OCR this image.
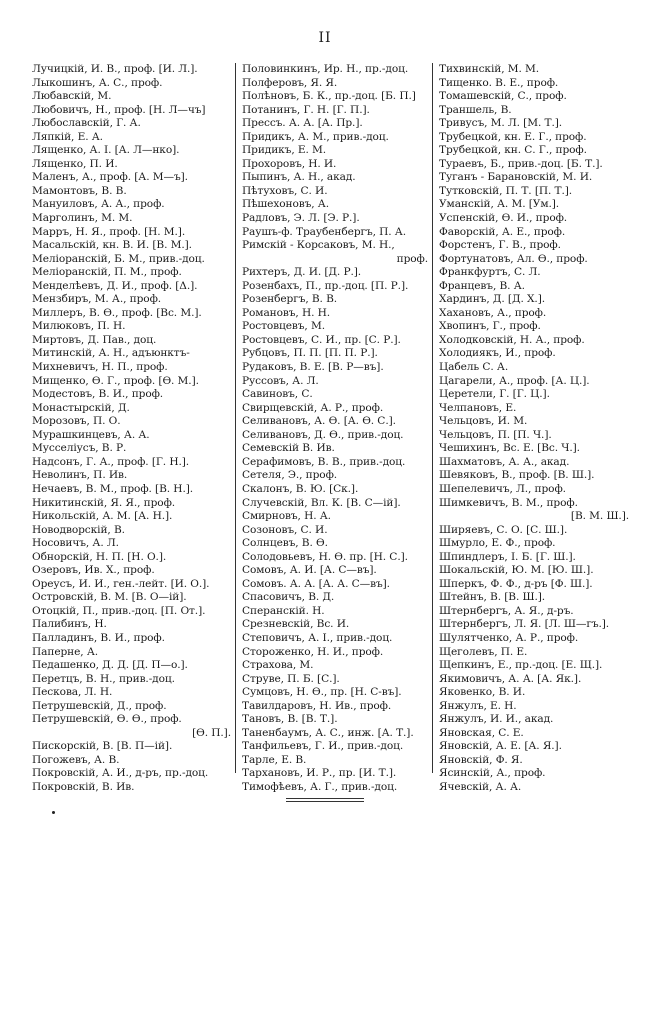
II
Лучицкій, И. В., проф. [И. Л.].
Лыкошинъ, А. С., проф.
Любавскій, М.
Любовичъ, Н., проф. [Н. Л—чъ]
Любославскій, Г. А.
Ляпкій, Е. А.
Лященко, А. І. [А. Л—нко].
Лященко, П. И.
Маленъ, А., проф. [А. М—ъ].
Мамонтовъ, В. В.
Мануиловъ, А. А., проф.
Марголинъ, М. М.
Марръ, Н. Я., проф. [Н. М.].
Масальскій, кн. В. И. [В. М.].
Меліоранскій, Б. М., прив.-доц.
Меліоранскій, П. М., проф.
Менделѣевъ, Д. И., проф. [Δ.].
Мензбиръ, М. А., проф.
Миллеръ, В. Ѳ., проф. [Вс. М.].
Милюковъ, П. Н.
Миртовъ, Д. Пав., доц.
Митинскій, А. Н., адъюнктъ-
Михневичъ, Н. П., проф.
Мищенко, Ѳ. Г., проф. [Ѳ. М.].
Модестовъ, В. И., проф.
Монастырскій, Д.
Морозовъ, П. О.
Мурашкинцевъ, А. А.
Мусселіусъ, В. Р.
Надсонъ, Г. А., проф. [Г. Н.].
Неволинъ, П. Ив.
Нечаевъ, В. М., проф. [В. Н.].
Никитинскій, Я. Я., проф.
Никольскій, А. М. [А. Н.].
Новодворскій, В.
Носовичъ, А. Л.
Обнорскій, Н. П. [Н. О.].
Озеровъ, Ив. Х., проф.
Ореусъ, И. И., ген.-лейт. [И. О.].
Островскій, В. М. [В. О—ій].
Отоцкій, П., прив.-доц. [П. От.].
Палибинъ, Н.
Палладинъ, В. И., проф.
Паперне, А.
Педашенко, Д. Д. [Д. П—о.].
Перетцъ, В. Н., прив.-доц.
Пескова, Л. Н.
Петрушевскій, Д., проф.
Петрушевскій, Ѳ. Ѳ., проф.
[Ѳ. П.].
Пискорскій, В. [В. П—ій].
Погожевъ, А. В.
Покровскій, А. И., д-ръ, пр.-доц.
Покровскій, В. Ив.
Половинкинъ, Ир. Н., пр.-доц.
Полферовъ, Я. Я.
Полѣновъ, Б. К., пр.-доц. [Б. П.]
Потанинъ, Г. Н. [Г. П.].
Прессъ. А. А. [А. Пр.].
Придикъ, А. М., прив.-доц.
Придикъ, Е. М.
Прохоровъ, Н. И.
Пыпинъ, А. Н., акад.
Пѣтуховъ, С. И.
Пѣшехоновъ, А.
Радловъ, Э. Л. [Э. Р.].
Раушъ-ф. Траубенбергъ, П. А.
Римскій - Корсаковъ, М. Н.,
проф.
Рихтеръ, Д. И. [Д. Р.].
Розенбахъ, П., пр.-доц. [П. Р.].
Розенбергъ, В. В.
Романовъ, Н. Н.
Ростовцевъ, М.
Ростовцевъ, С. И., пр. [С. Р.].
Рубцовъ, П. П. [П. П. Р.].
Рудаковъ, В. Е. [В. Р—въ].
Руссовъ, А. Л.
Савиновъ, С.
Свирщевскій, А. Р., проф.
Селивановъ, А. Ѳ. [А. Ѳ. С.].
Селивановъ, Д. Ѳ., прив.-доц.
Семевскій В. Ив.
Серафимовъ, В. В., прив.-доц.
Сетеля, Э., проф.
Скалонъ, В. Ю. [Ск.].
Случевскій, Вл. К. [В. С—ій].
Смирновъ, Н. А.
Созоновъ, С. И.
Солнцевъ, В. Ѳ.
Солодовьевъ, Н. Ѳ. пр. [Н. С.].
Сомовъ, А. И. [А. С—въ].
Сомовъ. А. А. [А. А. С—въ].
Спасовичъ, В. Д.
Сперанскій. Н.
Срезневскій, Вс. И.
Степовичъ, А. І., прив.-доц.
Стороженко, Н. И., проф.
Страхова, М.
Струве, П. Б. [С.].
Сумцовъ, Н. Ѳ., пр. [Н. С-въ].
Тавилдаровъ, Н. Ив., проф.
Тановъ, В. [В. Т.].
Таненбаумъ, А. С., инж. [А. Т.].
Танфильевъ, Г. И., прив.-доц.
Тарле, Е. В.
Тархановъ, И. Р., пр. [И. Т.].
Тимофѣевъ, А. Г., прив.-доц.
Тихвинскій, М. М.
Тищенко. В. Е., проф.
Томашевскій, С., проф.
Траншель, В.
Тривусъ, М. Л. [М. Т.].
Трубецкой, кн. Е. Г., проф.
Трубецкой, кн. С. Г., проф.
Тураевъ, Б., прив.-доц. [Б. Т.].
Туганъ - Барановскій, М. И.
Тутковскій, П. Т. [П. Т.].
Уманскій, А. М. [Ум.].
Успенскій, Ѳ. И., проф.
Фаворскій, А. Е., проф.
Форстенъ, Г. В., проф.
Фортунатовъ, Ал. Ѳ., проф.
Франкфуртъ, С. Л.
Францевъ, В. А.
Хардинъ, Д. [Д. Х.].
Хахановъ, А., проф.
Хвопинъ, Г., проф.
Холодковскій, Н. А., проф.
Холодиякъ, И., проф.
Цабель С. А.
Цагарели, А., проф. [А. Ц.].
Церетели, Г. [Г. Ц.].
Челпановъ, Е.
Чельцовъ, И. М.
Чельцовъ, П. [П. Ч.].
Чешихинъ, Вс. Е. [Вс. Ч.].
Шахматовъ, А. А., акад.
Шевяковъ, В., проф. [В. Ш.].
Шепелевичъ, Л., проф.
Шимкевичъ, В. М., проф.
[В. М. Ш.].
Ширяевъ, С. О. [С. Ш.].
Шмурло, Е. Ф., проф.
Шпиндлеръ, І. Б. [Г. Ш.].
Шокальскій, Ю. М. [Ю. Ш.].
Шперкъ, Ф. Ф., д-ръ [Ф. Ш.].
Штейнъ, В. [В. Ш.].
Штернбергъ, А. Я., д-ръ.
Штернбергъ, Л. Я. [Л. Ш—гъ.].
Шулятченко, А. Р., проф.
Щеголевъ, П. Е.
Щепкинъ, Е., пр.-доц. [Е. Щ.].
Якимовичъ, А. А. [А. Як.].
Яковенко, В. И.
Янжулъ, Е. Н.
Янжулъ, И. И., акад.
Яновская, С. Е.
Яновскій, А. Е. [А. Я.].
Яновскій, Ф. Я.
Ясинскій, А., проф.
Ячевскій, А. А.
